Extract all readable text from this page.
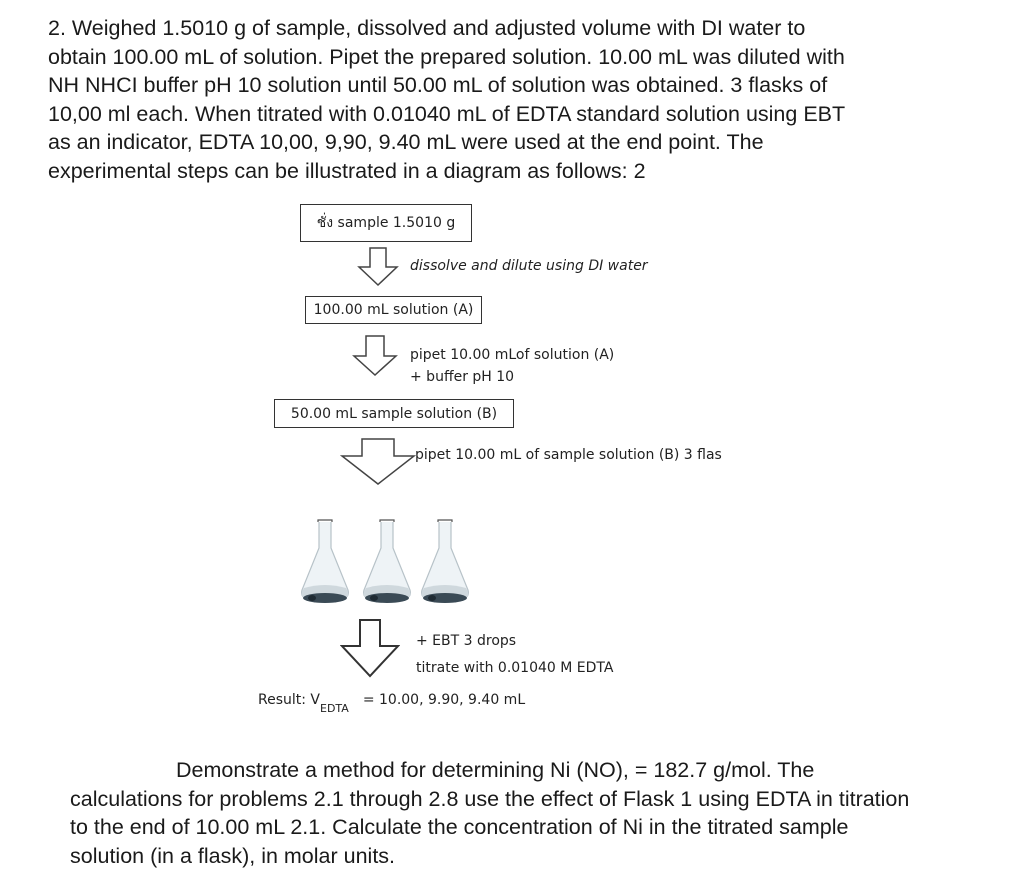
2. Weighed 1.5010 g of sample, dissolved and adjusted volume with DI water to
obtain 100.00 mL of solution. Pipet the prepared solution. 10.00 mL was diluted with
NH NHCI buffer pH 10 solution until 50.00 mL of solution was obtained. 3 flasks of
10,00 ml each. When titrated with 0.01040 mL of EDTA standard solution using EBT
as an indicator, EDTA 10,00, 9,90, 9.40 mL were used at the end point. The
experimental steps can be illustrated in a diagram as follows: 2

ชั่ง sample 1.5010 g

dissolve and dilute using DI water

100.00 mL solution (A)

pipet 10.00 mLof solution (A)
+ buffer pH 10

50.00 mL sample solution (B)

pipet 10.00 mL of sample solution (B) 3 flas

+ EBT 3 drops
titrate with 0.01040 M EDTA

Result: $V_{EDTA}= 10.00$, 9.90, 9.40 mL

Demonstrate a method for determining Ni (NO), = 182.7 g/mol. The
calculations for problems 2.1 through 2.8 use the effect of Flask 1 using EDTA in titration
to the end of 10.00 mL 2.1. Calculate the concentration of Ni in the titrated sample
solution (in a flask), in molar units.
